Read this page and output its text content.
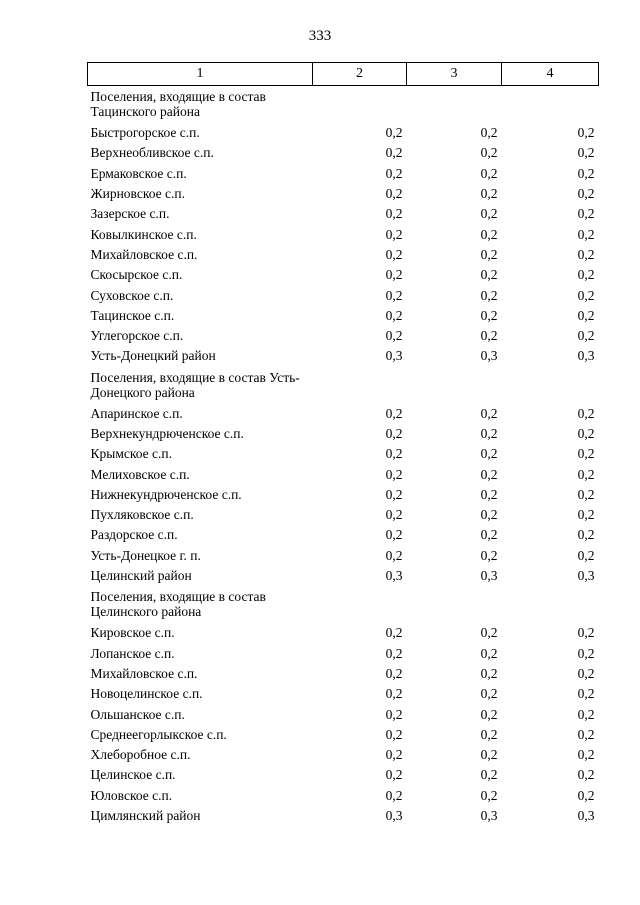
333
1	2	3	4
Поселения, входящие в состав Тацинского района			
Быстрогорское с.п.	0,2	0,2	0,2
Верхнеобливское с.п.	0,2	0,2	0,2
Ермаковское с.п.	0,2	0,2	0,2
Жирновское с.п.	0,2	0,2	0,2
Зазерское с.п.	0,2	0,2	0,2
Ковылкинское с.п.	0,2	0,2	0,2
Михайловское с.п.	0,2	0,2	0,2
Скосырское с.п.	0,2	0,2	0,2
Суховское с.п.	0,2	0,2	0,2
Тацинское с.п.	0,2	0,2	0,2
Углегорское с.п.	0,2	0,2	0,2
Усть-Донецкий район	0,3	0,3	0,3
Поселения, входящие в состав Усть-Донецкого района			
Апаринское с.п.	0,2	0,2	0,2
Верхнекундрюченское с.п.	0,2	0,2	0,2
Крымское с.п.	0,2	0,2	0,2
Мелиховское с.п.	0,2	0,2	0,2
Нижнекундрюченское с.п.	0,2	0,2	0,2
Пухляковское с.п.	0,2	0,2	0,2
Раздорское с.п.	0,2	0,2	0,2
Усть-Донецкое г. п.	0,2	0,2	0,2
Целинский район	0,3	0,3	0,3
Поселения, входящие в состав Целинского района			
Кировское с.п.	0,2	0,2	0,2
Лопанское с.п.	0,2	0,2	0,2
Михайловское с.п.	0,2	0,2	0,2
Новоцелинское с.п.	0,2	0,2	0,2
Ольшанское с.п.	0,2	0,2	0,2
Среднеегорлыкское с.п.	0,2	0,2	0,2
Хлеборобное с.п.	0,2	0,2	0,2
Целинское с.п.	0,2	0,2	0,2
Юловское с.п.	0,2	0,2	0,2
Цимлянский район	0,3	0,3	0,3
